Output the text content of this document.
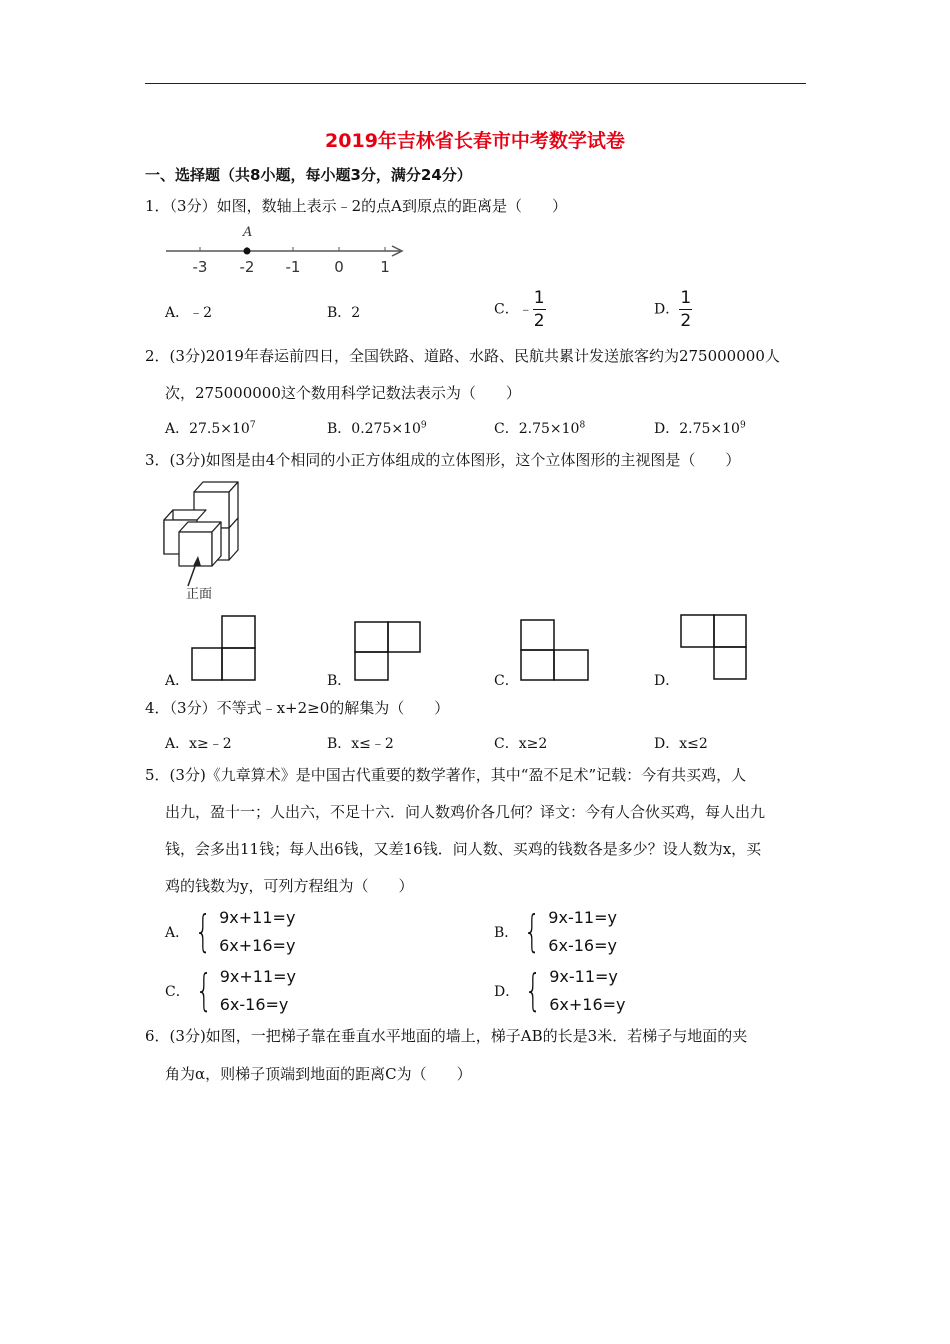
2019年吉林省长春市中考数学试卷
一、选择题（共8小题，每小题3分，满分24分）
1．（3分）如图，数轴上表示﹣2的点A到原点的距离是（　　）
A
-3 -2 -1 0 1
A．﹣2	B．2	C．﹣ $\frac{1}{2}$	D． $\frac{1}{2}$
2．(3分)2019年春运前四日，全国铁路、道路、水路、民航共累计发送旅客约为275000000人
次，275000000这个数用科学记数法表示为（　　）
A．$27.5\times 10^7$	B．$0.275\times 10^9$	C．$2.75\times 10^8$	D．$2.75\times 10^9$
3．(3分)如图是由4个相同的小正方体组成的立体图形，这个立体图形的主视图是（　　）
正面
A．	B．	C．	D．
4．（3分）不等式﹣x+2≥0的解集为（　　）
A．x≥﹣2	B．x≤﹣2	C．x≥2	D．x≤2
5．(3分)《九章算术》是中国古代重要的数学著作，其中“盈不足术”记载：今有共买鸡，人
出九，盈十一；人出六，不足十六．问人数鸡价各几何？译文：今有人合伙买鸡，每人出九
钱，会多出11钱；每人出6钱，又差16钱．问人数、买鸡的钱数各是多少？设人数为x，买
鸡的钱数为y，可列方程组为（　　）
A． { 9x+11=y
6x+16=y
B． { 9x-11=y
6x-16=y
C． { 9x+11=y
6x-16=y
D． { 9x-11=y
6x+16=y
6．(3分)如图，一把梯子靠在垂直水平地面的墙上，梯子AB的长是3米．若梯子与地面的夹
角为α，则梯子顶端到地面的距离C为（　　）
